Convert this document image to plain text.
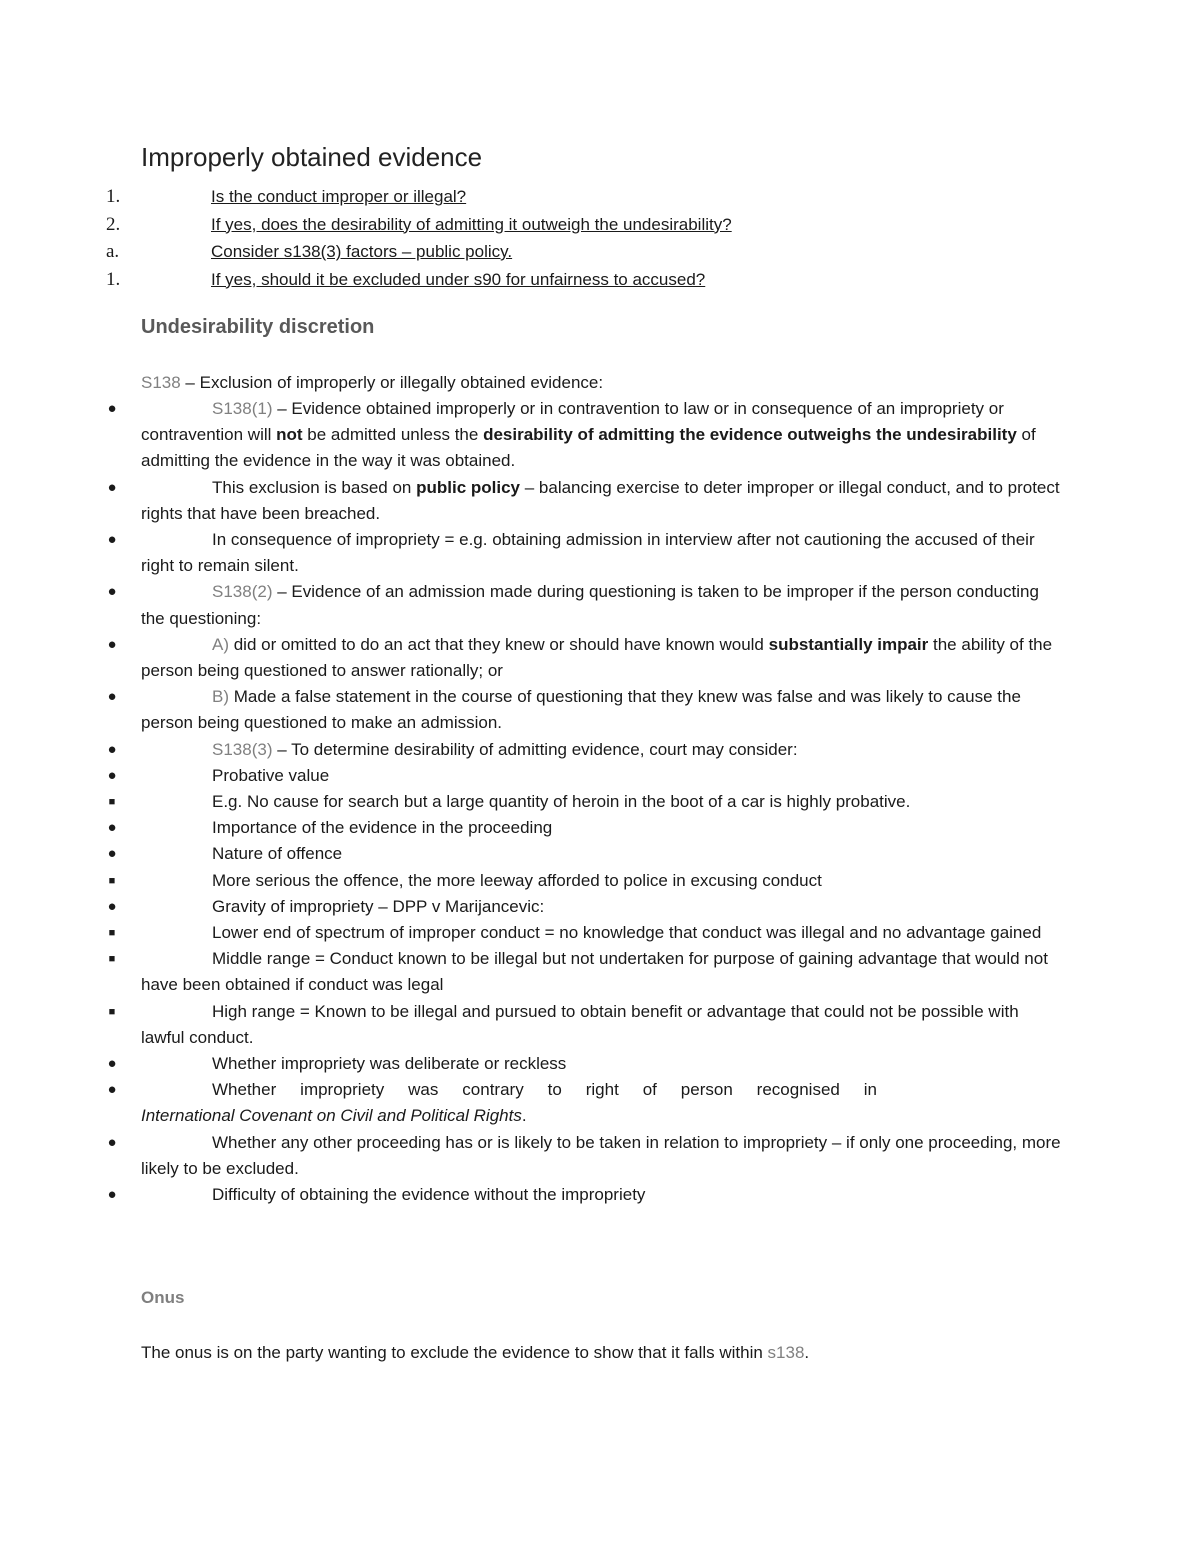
Improperly obtained evidence
1.	Is the conduct improper or illegal?
2.	If yes, does the desirability of admitting it outweigh the undesirability?
a.	Consider s138(3) factors – public policy.
1.	If yes, should it be excluded under s90 for unfairness to accused?
Undesirability discretion
S138 – Exclusion of improperly or illegally obtained evidence:
●	S138(1) – Evidence obtained improperly or in contravention to law or in consequence of an impropriety or contravention will not be admitted unless the desirability of admitting the evidence outweighs the undesirability of admitting the evidence in the way it was obtained.
●	This exclusion is based on public policy – balancing exercise to deter improper or illegal conduct, and to protect rights that have been breached.
●	In consequence of impropriety = e.g. obtaining admission in interview after not cautioning the accused of their right to remain silent.
●	S138(2) – Evidence of an admission made during questioning is taken to be improper if the person conducting the questioning:
●	A) did or omitted to do an act that they knew or should have known would substantially impair the ability of the person being questioned to answer rationally; or
●	B) Made a false statement in the course of questioning that they knew was false and was likely to cause the person being questioned to make an admission.
●	S138(3) – To determine desirability of admitting evidence, court may consider:
●	Probative value
■	E.g. No cause for search but a large quantity of heroin in the boot of a car is highly probative.
●	Importance of the evidence in the proceeding
●	Nature of offence
■	More serious the offence, the more leeway afforded to police in excusing conduct
●	Gravity of impropriety – DPP v Marijancevic:
■	Lower end of spectrum of improper conduct = no knowledge that conduct was illegal and no advantage gained
■	Middle range = Conduct known to be illegal but not undertaken for purpose of gaining advantage that would not have been obtained if conduct was legal
■	High range = Known to be illegal and pursued to obtain benefit or advantage that could not be possible with lawful conduct.
●	Whether impropriety was deliberate or reckless
●	Whether impropriety was contrary to right of person recognised in
International Covenant on Civil and Political Rights.
●	Whether any other proceeding has or is likely to be taken in relation to impropriety – if only one proceeding, more likely to be excluded.
●	Difficulty of obtaining the evidence without the impropriety
Onus
The onus is on the party wanting to exclude the evidence to show that it falls within s138.
